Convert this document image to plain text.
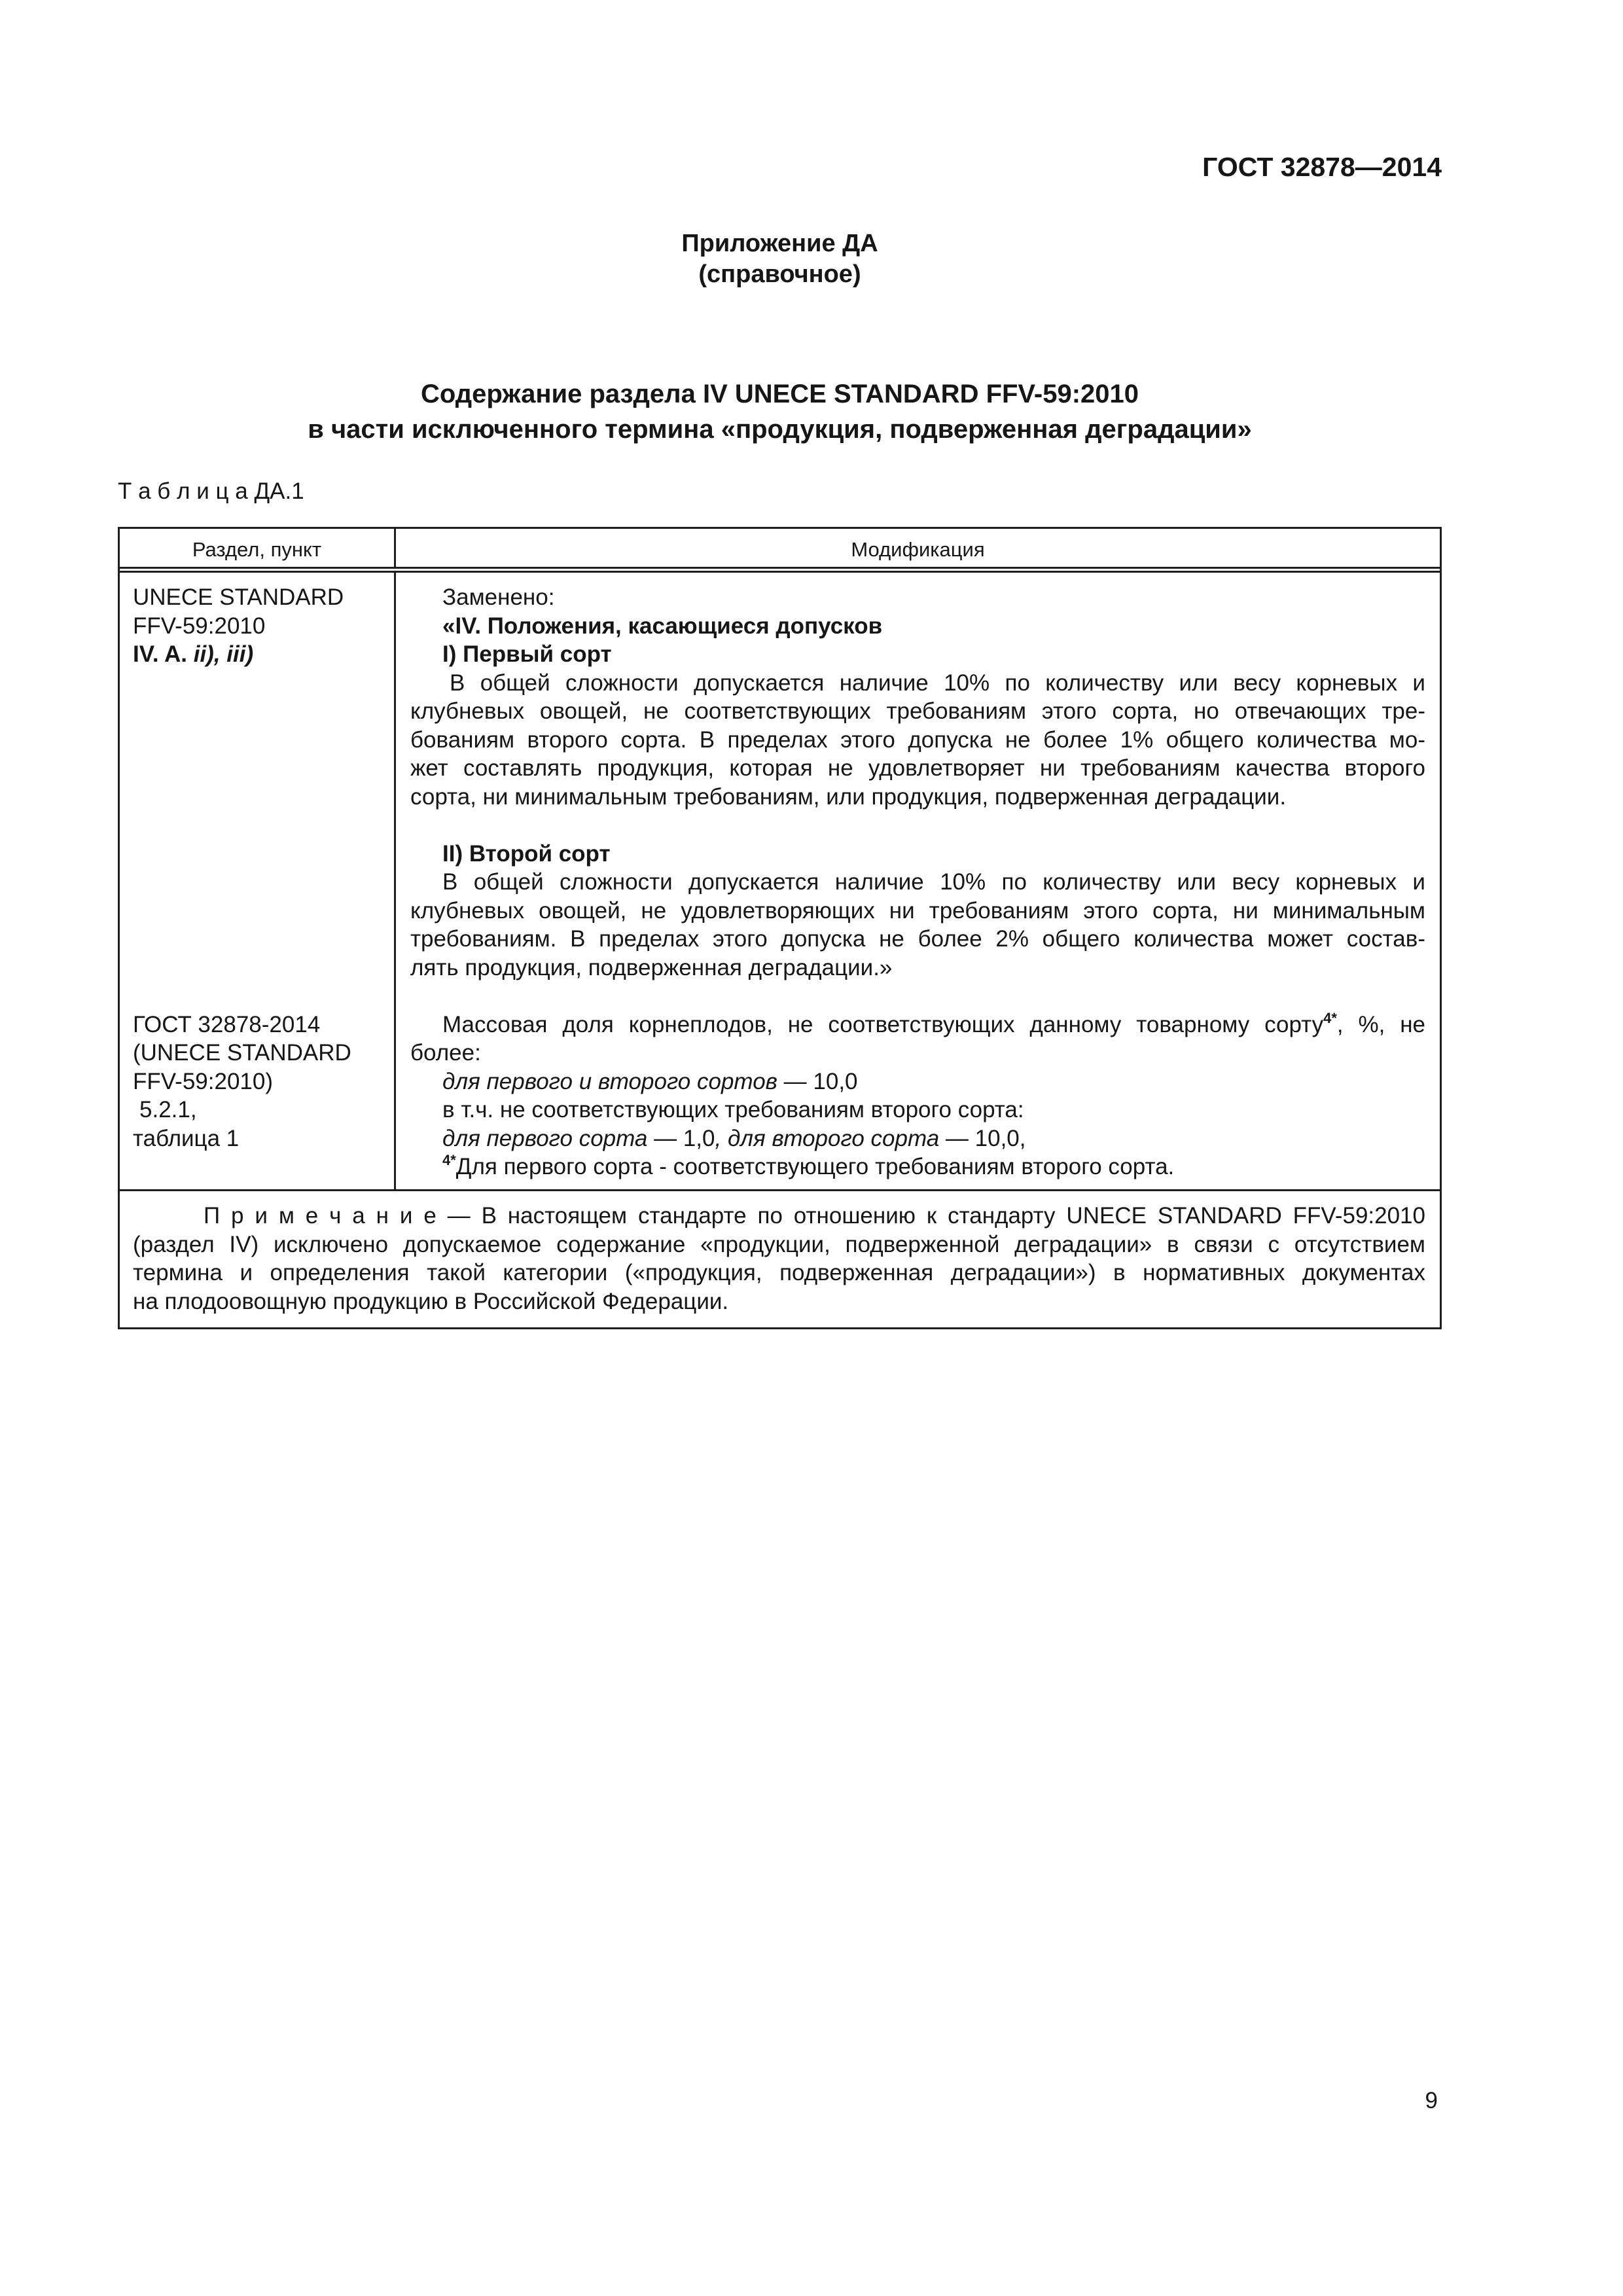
ГОСТ 32878—2014
Приложение ДА
(справочное)
Содержание раздела IV UNECE STANDARD FFV-59:2010
в части исключенного термина «продукция, подверженная деградации»
Т а б л и ц а ДА.1
Раздел, пункт	Модификация
UNECE STANDARD
FFV-59:2010
IV. A. ii), iii)
ГОСТ 32878-2014
(UNECE STANDARD
FFV-59:2010)
5.2.1,
таблица 1
Заменено:
«IV. Положения, касающиеся допусков
I) Первый сорт
В общей сложности допускается наличие 10% по количеству или весу корневых и
клубневых овощей, не соответствующих требованиям этого сорта, но отвечающих тре-
бованиям второго сорта. В пределах этого допуска не более 1% общего количества мо-
жет составлять продукция, которая не удовлетворяет ни требованиям качества второго
сорта, ни минимальным требованиям, или продукция, подверженная деградации.
II) Второй сорт
В общей сложности допускается наличие 10% по количеству или весу корневых и
клубневых овощей, не удовлетворяющих ни требованиям этого сорта, ни минимальным
требованиям. В пределах этого допуска не более 2% общего количества может состав-
лять продукция, подверженная деградации.»
Массовая доля корнеплодов, не соответствующих данному товарному сорту$^{4*}$, %, не
более:
для первого и второго сортов — 10,0
в т.ч. не соответствующих требованиям второго сорта:
для первого сорта — 1,0, для второго сорта — 10,0,
$^{4*}$Для первого сорта - соответствующего требованиям второго сорта.
П р и м е ч а н и е — В настоящем стандарте по отношению к стандарту UNECE STANDARD FFV-59:2010
(раздел IV) исключено допускаемое содержание «продукции, подверженной деградации» в связи с отсутствием
термина и определения такой категории («продукция, подверженная деградации») в нормативных документах
на плодоовощную продукцию в Российской Федерации.
9
